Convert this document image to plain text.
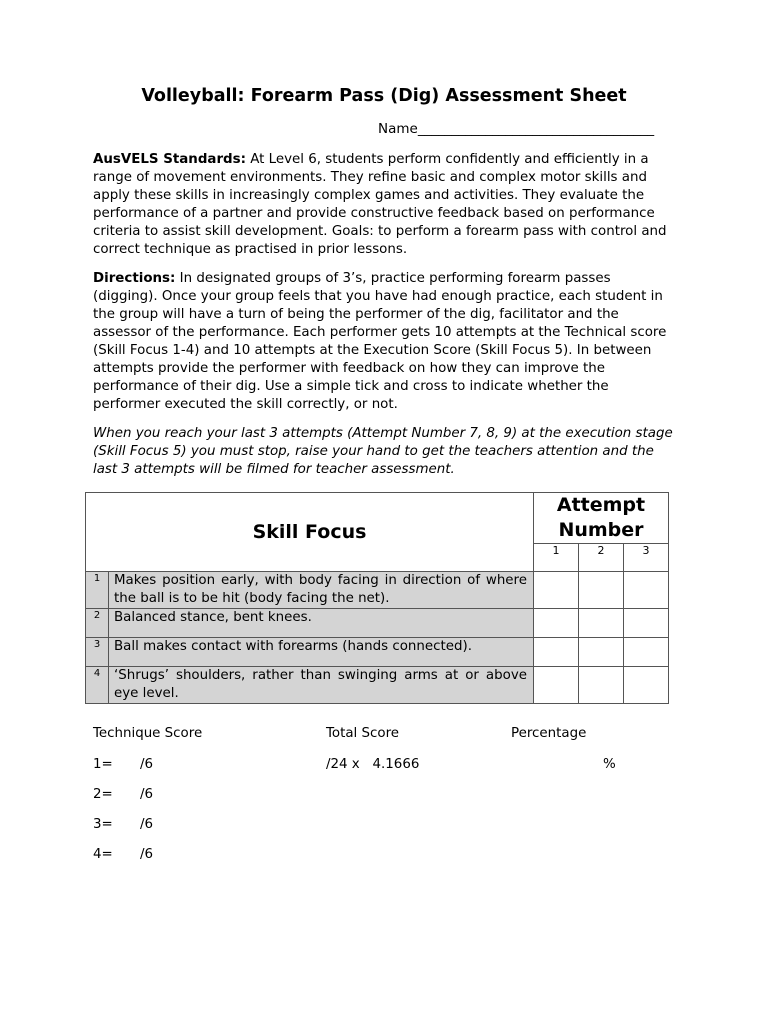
Volleyball: Forearm Pass (Dig) Assessment Sheet
Name___________________________________

AusVELS Standards: At Level 6, students perform confidently and efficiently in a range of movement environments. They refine basic and complex motor skills and apply these skills in increasingly complex games and activities. They evaluate the performance of a partner and provide constructive feedback based on performance criteria to assist skill development. Goals: to perform a forearm pass with control and correct technique as practised in prior lessons.

Directions: In designated groups of 3’s, practice performing forearm passes (digging). Once your group feels that you have had enough practice, each student in the group will have a turn of being the performer of the dig, facilitator and the assessor of the performance. Each performer gets 10 attempts at the Technical score (Skill Focus 1-4) and 10 attempts at the Execution Score (Skill Focus 5). In between attempts provide the performer with feedback on how they can improve the performance of their dig. Use a simple tick and cross to indicate whether the performer executed the skill correctly, or not.

When you reach your last 3 attempts (Attempt Number 7, 8, 9) at the execution stage (Skill Focus 5) you must stop, raise your hand to get the teachers attention and the last 3 attempts will be filmed for teacher assessment.

Skill Focus		Attempt
Number		

		1	2	3
1	Makes position early, with body facing in direction of where the ball is to be hit (body facing the net).			
2	Balanced stance, bent knees.			
3	Ball makes contact with forearms (hands connected).			
4	‘Shrugs’ shoulders, rather than swinging arms at or above eye level.			
Technique Score	Total Score	Percentage
1= /6	/24 x   4.1666	%
2= /6
3= /6
4= /6
